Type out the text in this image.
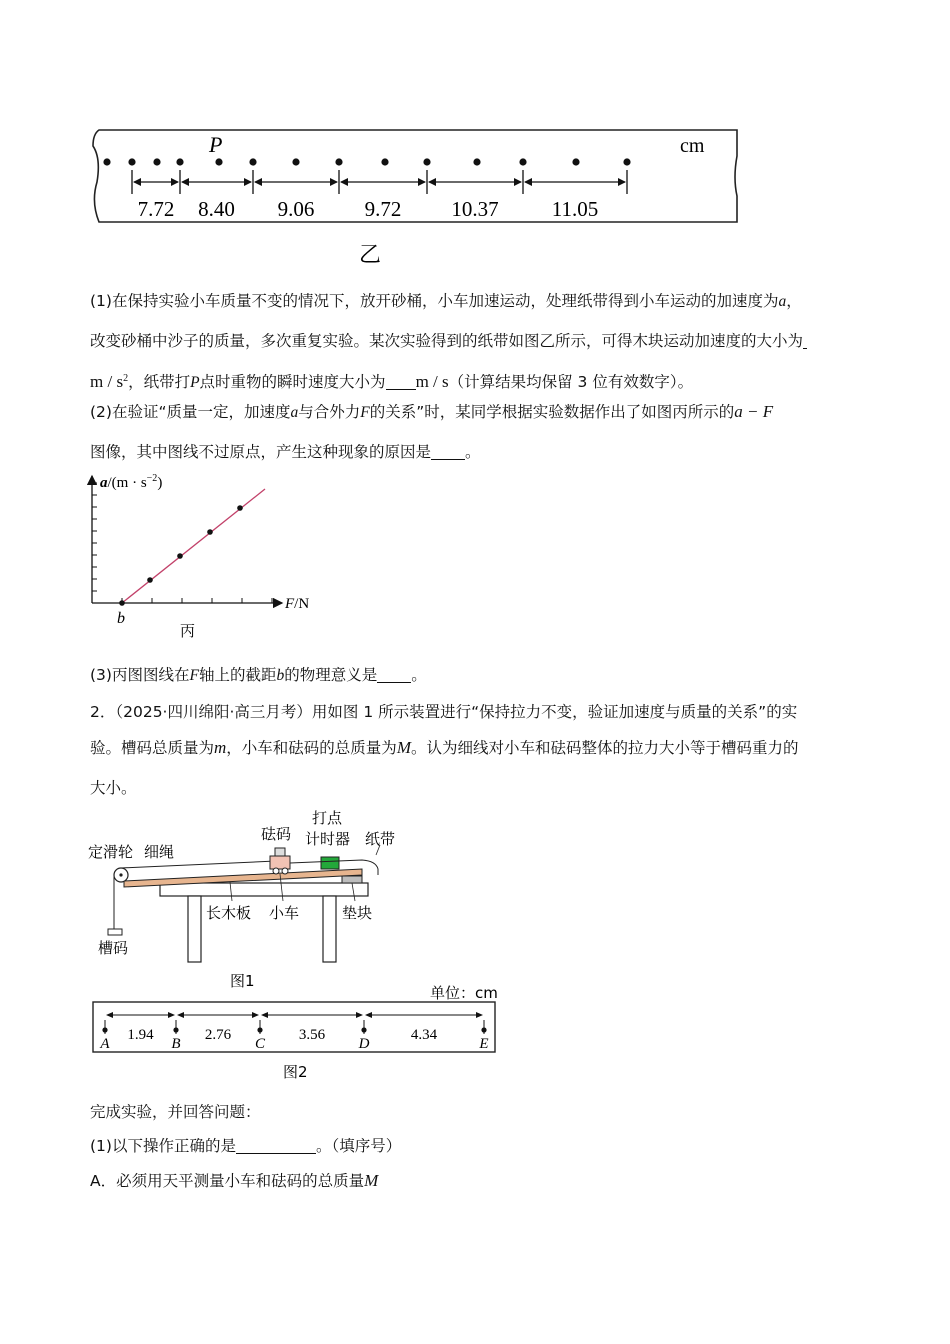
P	cm
7.72 8.40 9.06 9.72 10.37	11.05
乙
(1)在保持实验小车质量不变的情况下，放开砂桶，小车加速运动，处理纸带得到小车运动的加速度为a，
改变砂桶中沙子的质量，多次重复实验。某次实验得到的纸带如图乙所示，可得木块运动加速度的大小为
m / $s^2$，纸带打P点时重物的瞬时速度大小为 m / s（计算结果均保留 3 位有效数字）。
(2)在验证“质量一定，加速度a与合外力F的关系”时，某同学根据实验数据作出了如图丙所示的a − F
图像，其中图线不过原点，产生这种现象的原因是 。
$a/(m \cdot s^{-2})$
F/N
b
丙
(3)丙图图线在F轴上的截距b的物理意义是 。
2．（2025·四川绵阳·高三月考）用如图 1 所示装置进行“保持拉力不变，验证加速度与质量的关系”的实
验。槽码总质量为m，小车和砝码的总质量为M。认为细线对小车和砝码整体的拉力大小等于槽码重力的
大小。
定滑轮 细绳
砝码
打点
计时器 纸带
长木板 小车	垫块
槽码
图1
单位：cm
1.94	2.76	3.56	4.34
A	B	C	D	E
图2
完成实验，并回答问题：
(1)以下操作正确的是	。（填序号）
A．必须用天平测量小车和砝码的总质量M
